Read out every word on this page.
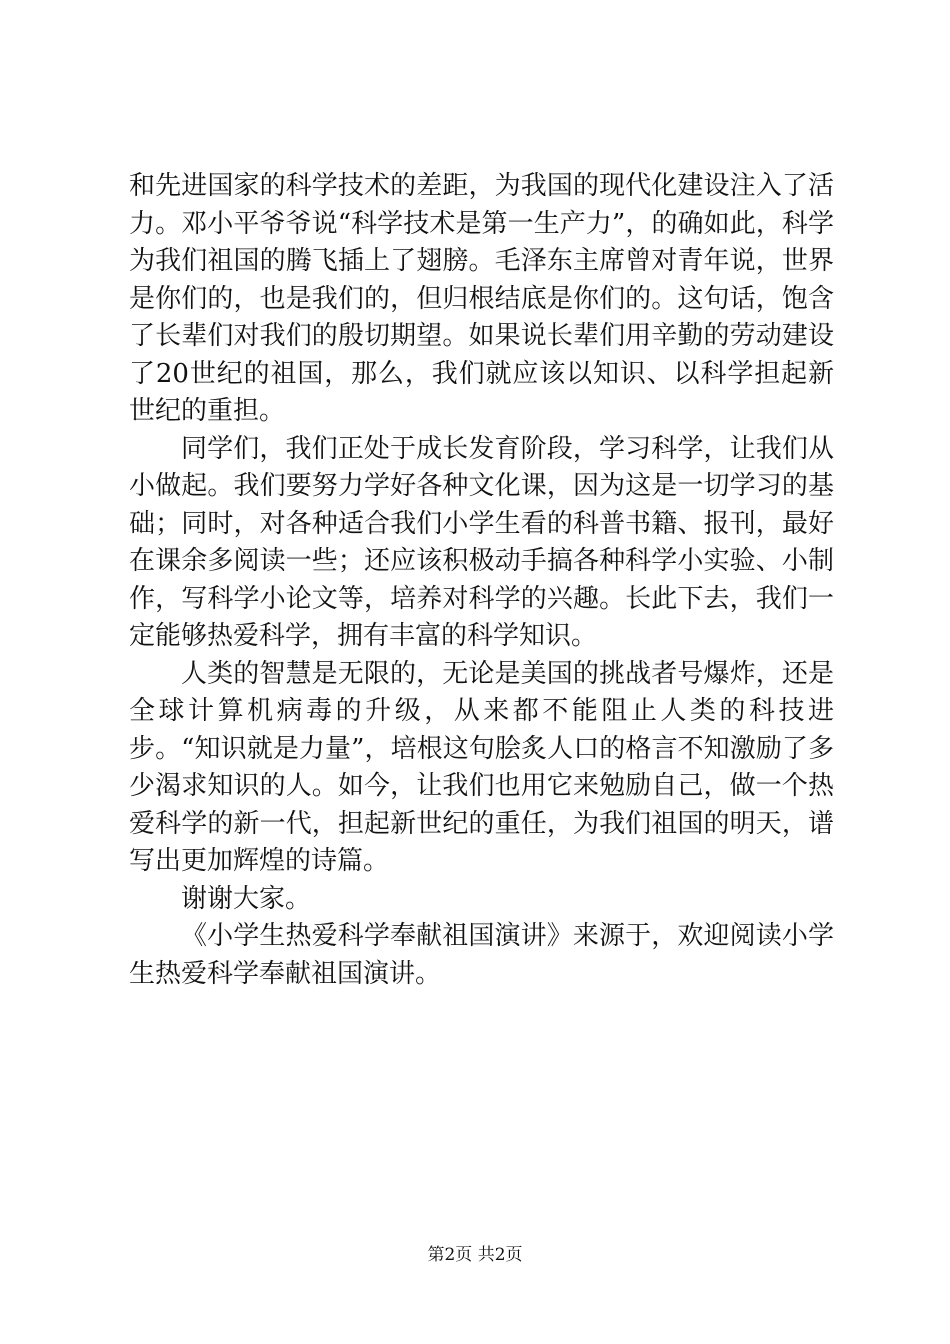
和先进国家的科学技术的差距，为我国的现代化建设注入了活力。邓小平爷爷说“科学技术是第一生产力”，的确如此，科学为我们祖国的腾飞插上了翅膀。毛泽东主席曾对青年说，世界是你们的，也是我们的，但归根结底是你们的。这句话，饱含了长辈们对我们的殷切期望。如果说长辈们用辛勤的劳动建设了20世纪的祖国，那么，我们就应该以知识、以科学担起新世纪的重担。

同学们，我们正处于成长发育阶段，学习科学，让我们从小做起。我们要努力学好各种文化课，因为这是一切学习的基础；同时，对各种适合我们小学生看的科普书籍、报刊，最好在课余多阅读一些；还应该积极动手搞各种科学小实验、小制作，写科学小论文等，培养对科学的兴趣。长此下去，我们一定能够热爱科学，拥有丰富的科学知识。

人类的智慧是无限的，无论是美国的挑战者号爆炸，还是全球计算机病毒的升级，从来都不能阻止人类的科技进步。“知识就是力量”，培根这句脍炙人口的格言不知激励了多少渴求知识的人。如今，让我们也用它来勉励自己，做一个热爱科学的新一代，担起新世纪的重任，为我们祖国的明天，谱写出更加辉煌的诗篇。

谢谢大家。

《小学生热爱科学奉献祖国演讲》来源于，欢迎阅读小学生热爱科学奉献祖国演讲。

第2页 共2页
